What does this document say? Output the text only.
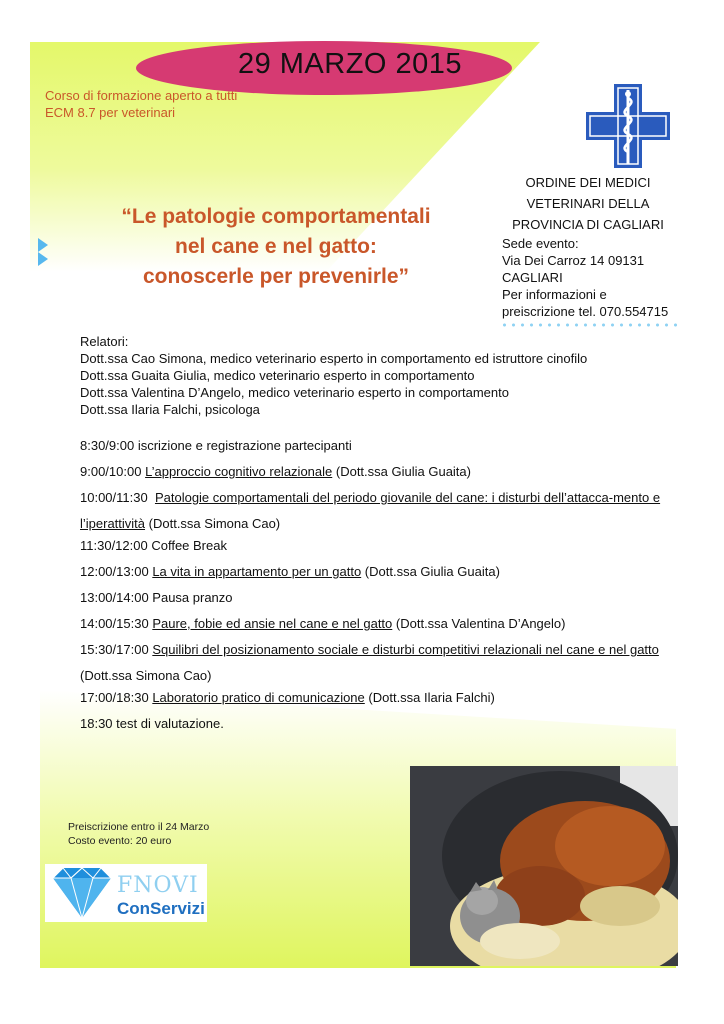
29 MARZO 2015
Corso di formazione aperto a tutti
ECM 8.7 per veterinari
ORDINE DEI MEDICI
VETERINARI DELLA
PROVINCIA DI CAGLIARI
“Le patologie comportamentali
nel cane e nel gatto:
conoscerle per prevenirle”
Sede evento:
Via Dei Carroz 14 09131
CAGLIARI
Per informazioni e
preiscrizione tel. 070.554715
Relatori:
Dott.ssa Cao Simona, medico veterinario esperto in comportamento ed istruttore cinofilo
Dott.ssa Guaita Giulia, medico veterinario esperto in comportamento
Dott.ssa Valentina D’Angelo, medico veterinario esperto in comportamento
Dott.ssa Ilaria Falchi, psicologa
8:30/9:00 iscrizione e registrazione partecipanti
9:00/10:00 L’approccio cognitivo relazionale (Dott.ssa Giulia Guaita)
10:00/11:30 Patologie comportamentali del periodo giovanile del cane: i disturbi dell’attacca-mento e l’iperattività (Dott.ssa Simona Cao)
11:30/12:00 Coffee Break
12:00/13:00 La vita in appartamento per un gatto (Dott.ssa Giulia Guaita)
13:00/14:00 Pausa pranzo
14:00/15:30 Paure, fobie ed ansie nel cane e nel gatto (Dott.ssa Valentina D’Angelo)
15:30/17:00 Squilibri del posizionamento sociale e disturbi competitivi relazionali nel cane e nel gatto (Dott.ssa Simona Cao)
17:00/18:30 Laboratorio pratico di comunicazione (Dott.ssa Ilaria Falchi)
18:30 test di valutazione.
Preiscrizione entro il 24 Marzo
Costo evento: 20 euro
FNOVI
ConServizi
